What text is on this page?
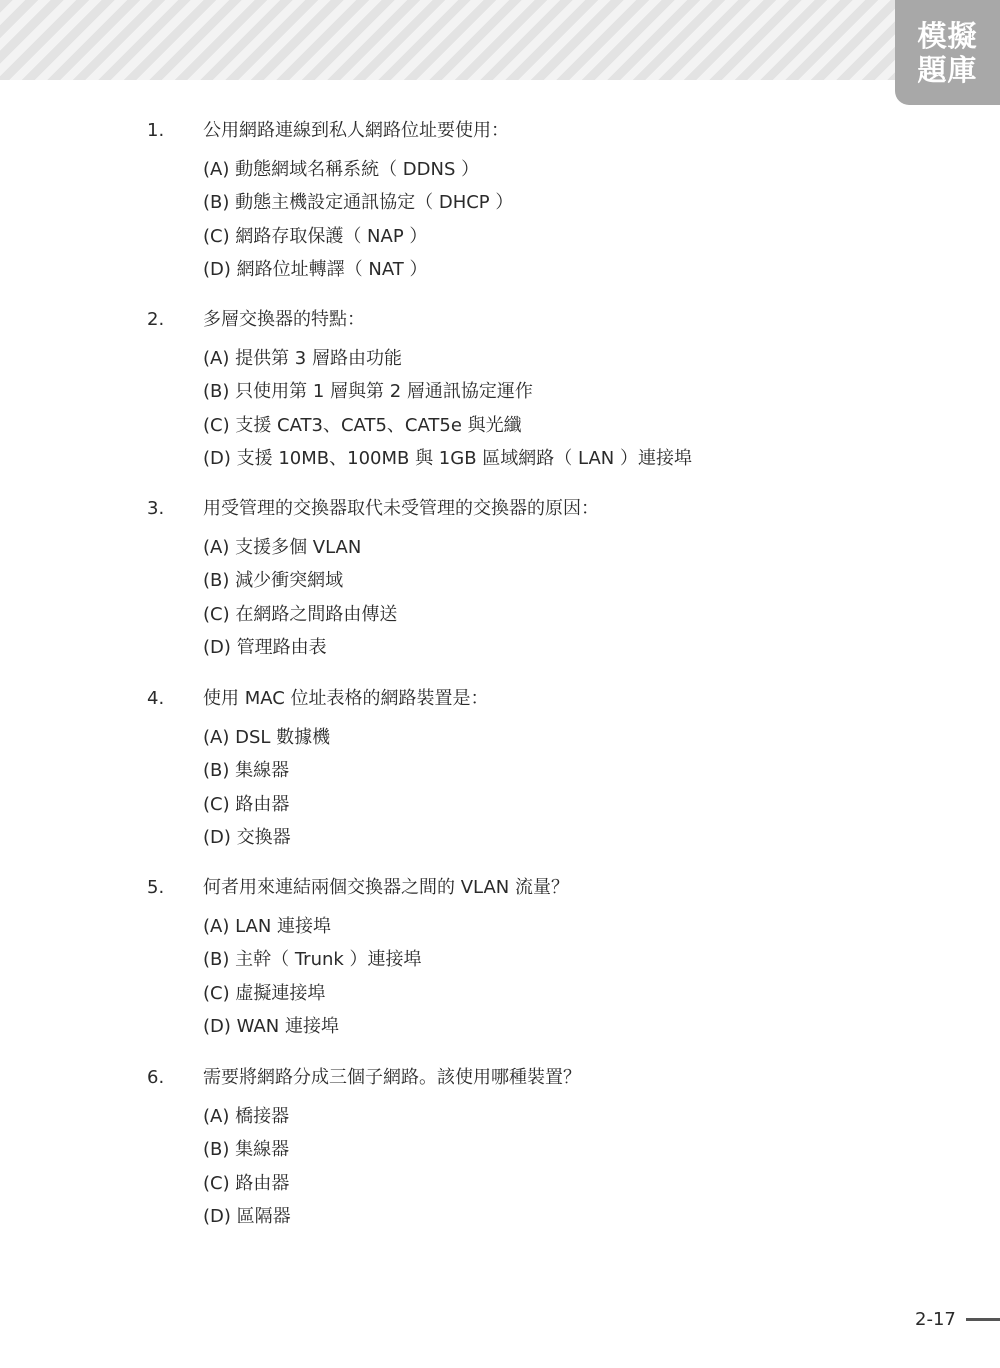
模擬
題庫
1. 公用網路連線到私人網路位址要使用：
(A) 動態網域名稱系統（ DDNS ）
(B) 動態主機設定通訊協定（ DHCP ）
(C) 網路存取保護（ NAP ）
(D) 網路位址轉譯（ NAT ）
2. 多層交換器的特點：
(A) 提供第 3 層路由功能
(B) 只使用第 1 層與第 2 層通訊協定運作
(C) 支援 CAT3、CAT5、CAT5e 與光纖
(D) 支援 10MB、100MB 與 1GB 區域網路（ LAN ）連接埠
3. 用受管理的交換器取代未受管理的交換器的原因：
(A) 支援多個 VLAN
(B) 減少衝突網域
(C) 在網路之間路由傳送
(D) 管理路由表
4. 使用 MAC 位址表格的網路裝置是：
(A) DSL 數據機
(B) 集線器
(C) 路由器
(D) 交換器
5. 何者用來連結兩個交換器之間的 VLAN 流量？
(A) LAN 連接埠
(B) 主幹（ Trunk ）連接埠
(C) 虛擬連接埠
(D) WAN 連接埠
6. 需要將網路分成三個子網路。該使用哪種裝置？
(A) 橋接器
(B) 集線器
(C) 路由器
(D) 區隔器
2-17
